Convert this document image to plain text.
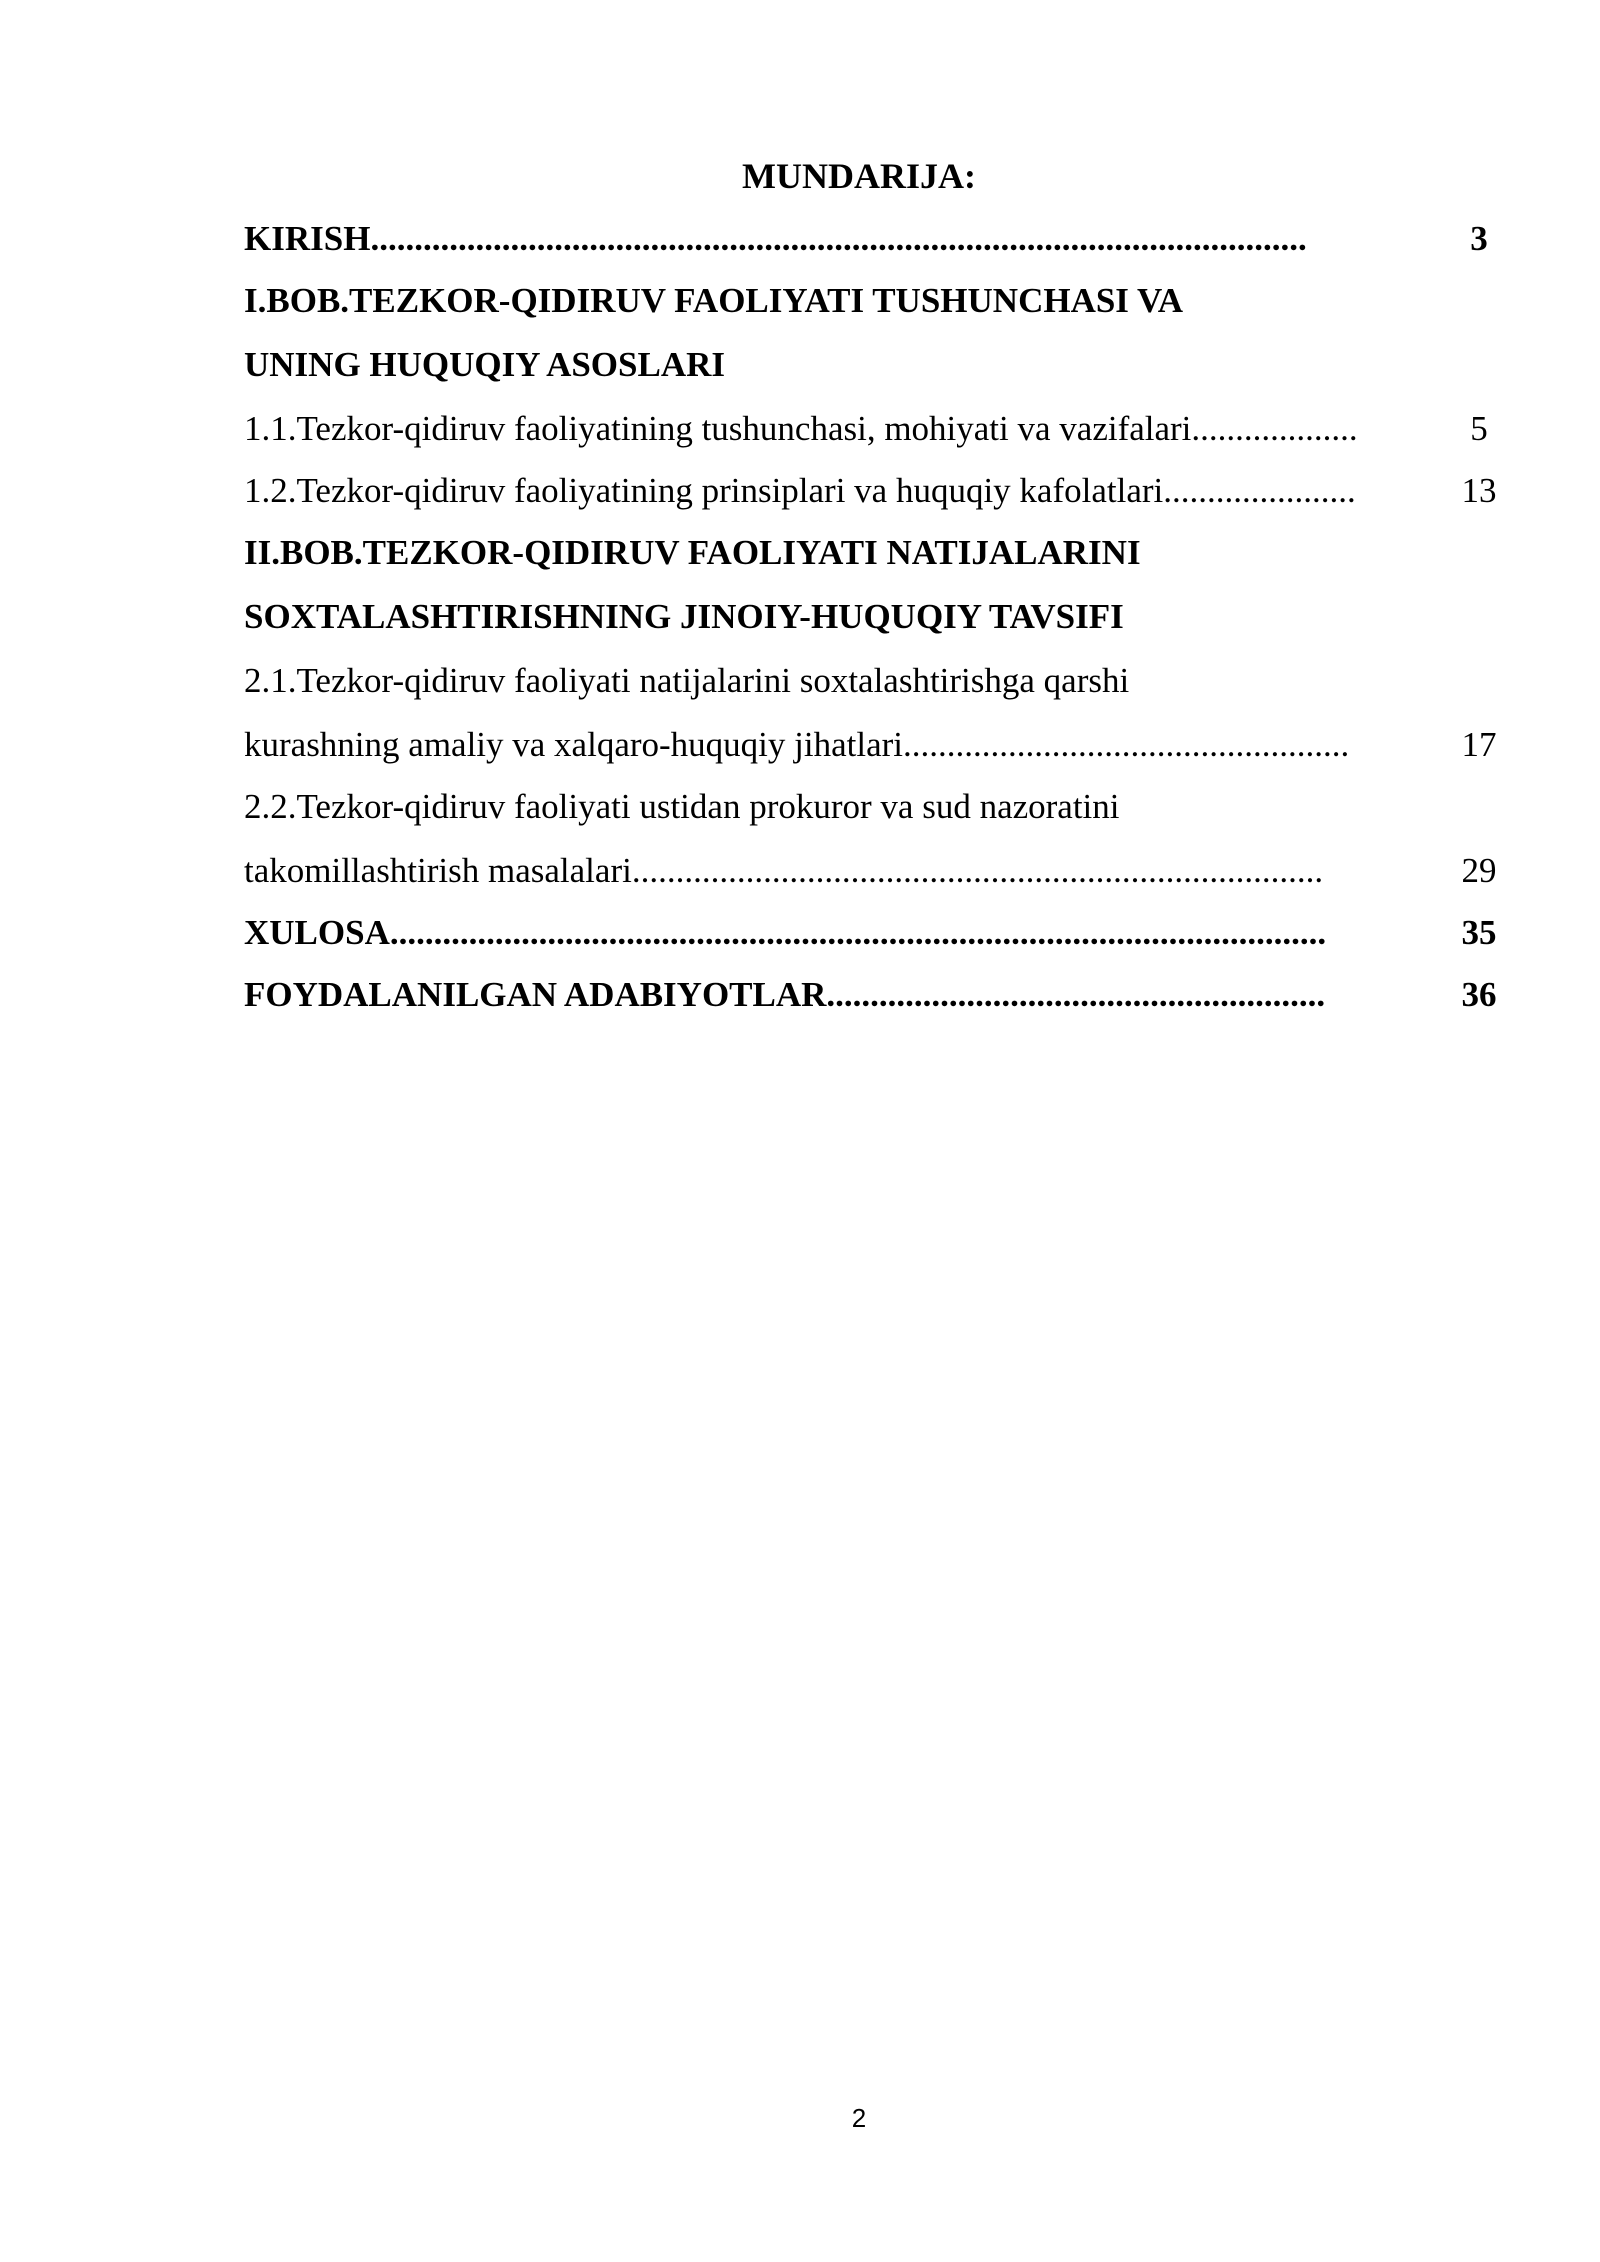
MUNDARIJA:
KIRISH...........................................................................................................	3
I.BOB.TEZKOR-QIDIRUV FAOLIYATI TUSHUNCHASI VA
UNING HUQUQIY ASOSLARI
1.1.Tezkor-qidiruv faoliyatining tushunchasi, mohiyati va vazifalari...................	5
1.2.Tezkor-qidiruv faoliyatining prinsiplari va huquqiy kafolatlari......................	13
II.BOB.TEZKOR-QIDIRUV FAOLIYATI NATIJALARINI
SOXTALASHTIRISHNING JINOIY-HUQUQIY TAVSIFI
2.1.Tezkor-qidiruv faoliyati natijalarini soxtalashtirishga qarshi
kurashning amaliy va xalqaro-huquqiy jihatlari...................................................	17
2.2.Tezkor-qidiruv faoliyati ustidan prokuror va sud nazoratini
takomillashtirish masalalari...............................................................................	29
XULOSA...........................................................................................................	35
FOYDALANILGAN ADABIYOTLAR.........................................................	36
2
